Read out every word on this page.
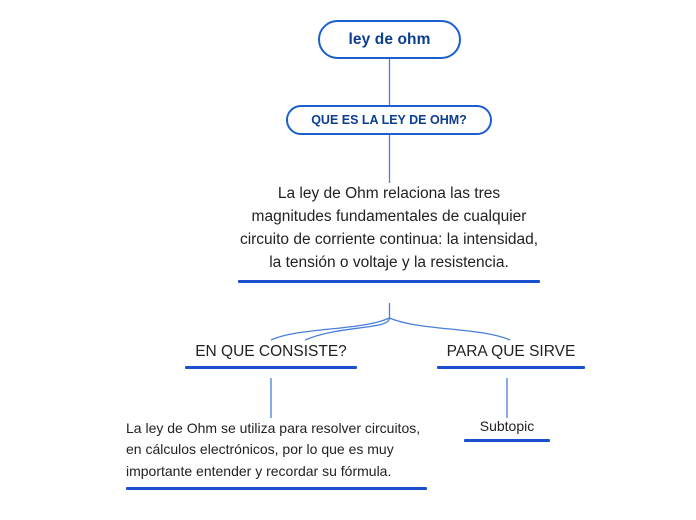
ley de ohm
QUE ES LA LEY DE OHM?
La ley de Ohm relaciona las tres magnitudes fundamentales de cualquier circuito de corriente continua: la intensidad, la tensión o voltaje y la resistencia.
EN QUE CONSISTE?	PARA QUE SIRVE
La ley de Ohm se utiliza para resolver circuitos, en cálculos electrónicos, por lo que es muy importante entender y recordar su fórmula.
Subtopic
